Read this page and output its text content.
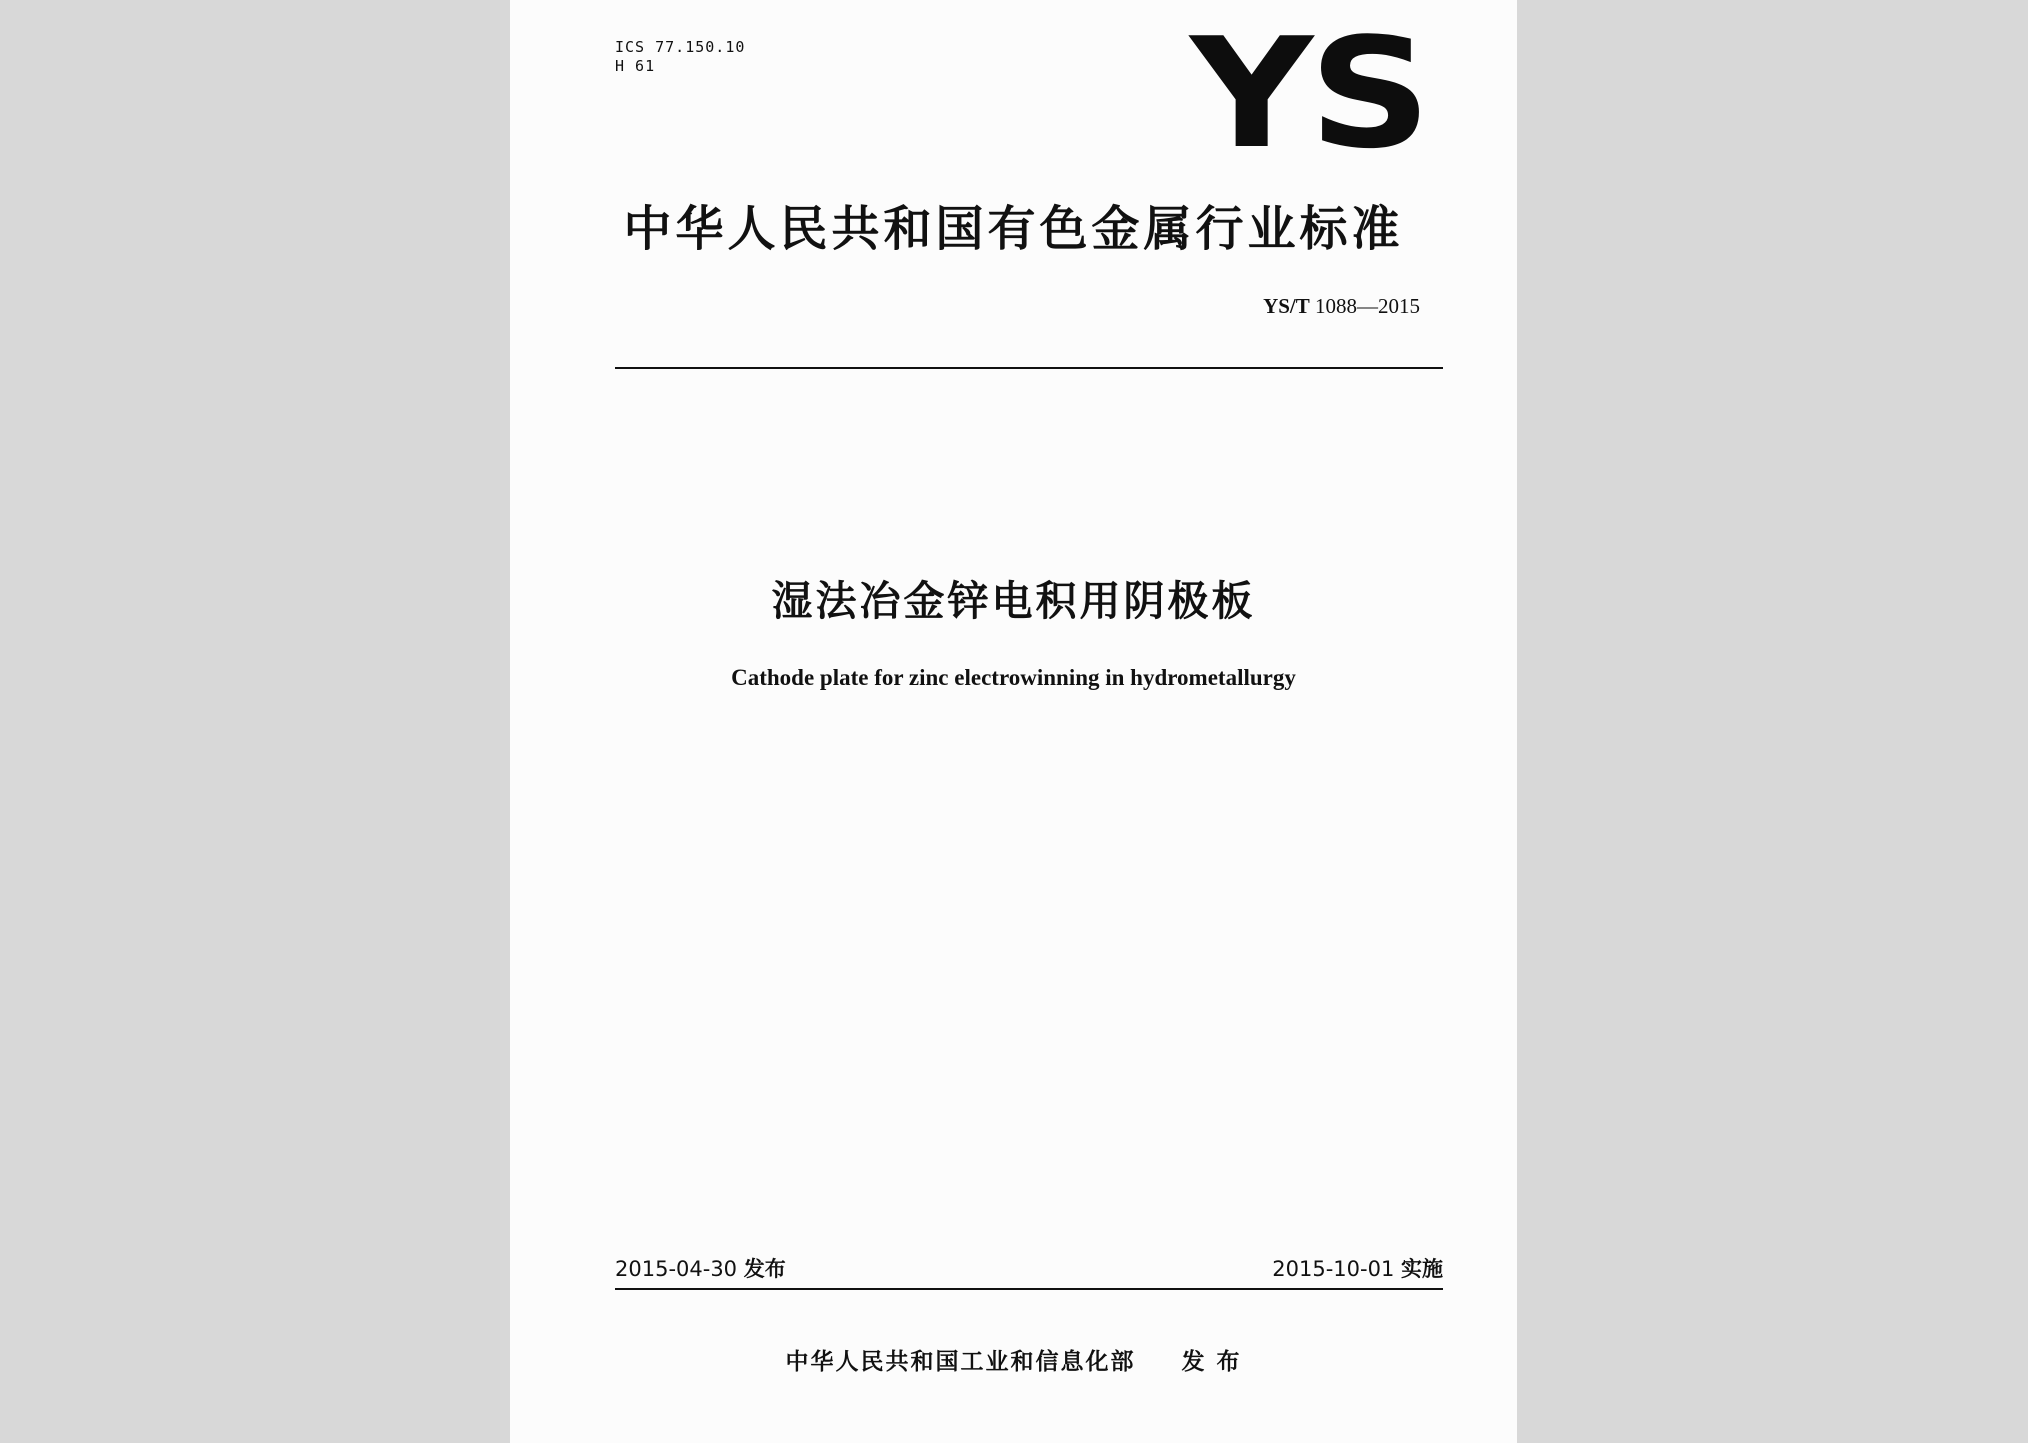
ICS 77.150.10
H 61	YS
中华人民共和国有色金属行业标准
YS/T 1088—2015
湿法冶金锌电积用阴极板
Cathode plate for zinc electrowinning in hydrometallurgy
2015-04-30 发布	2015-10-01 实施
中华人民共和国工业和信息化部 发 布
